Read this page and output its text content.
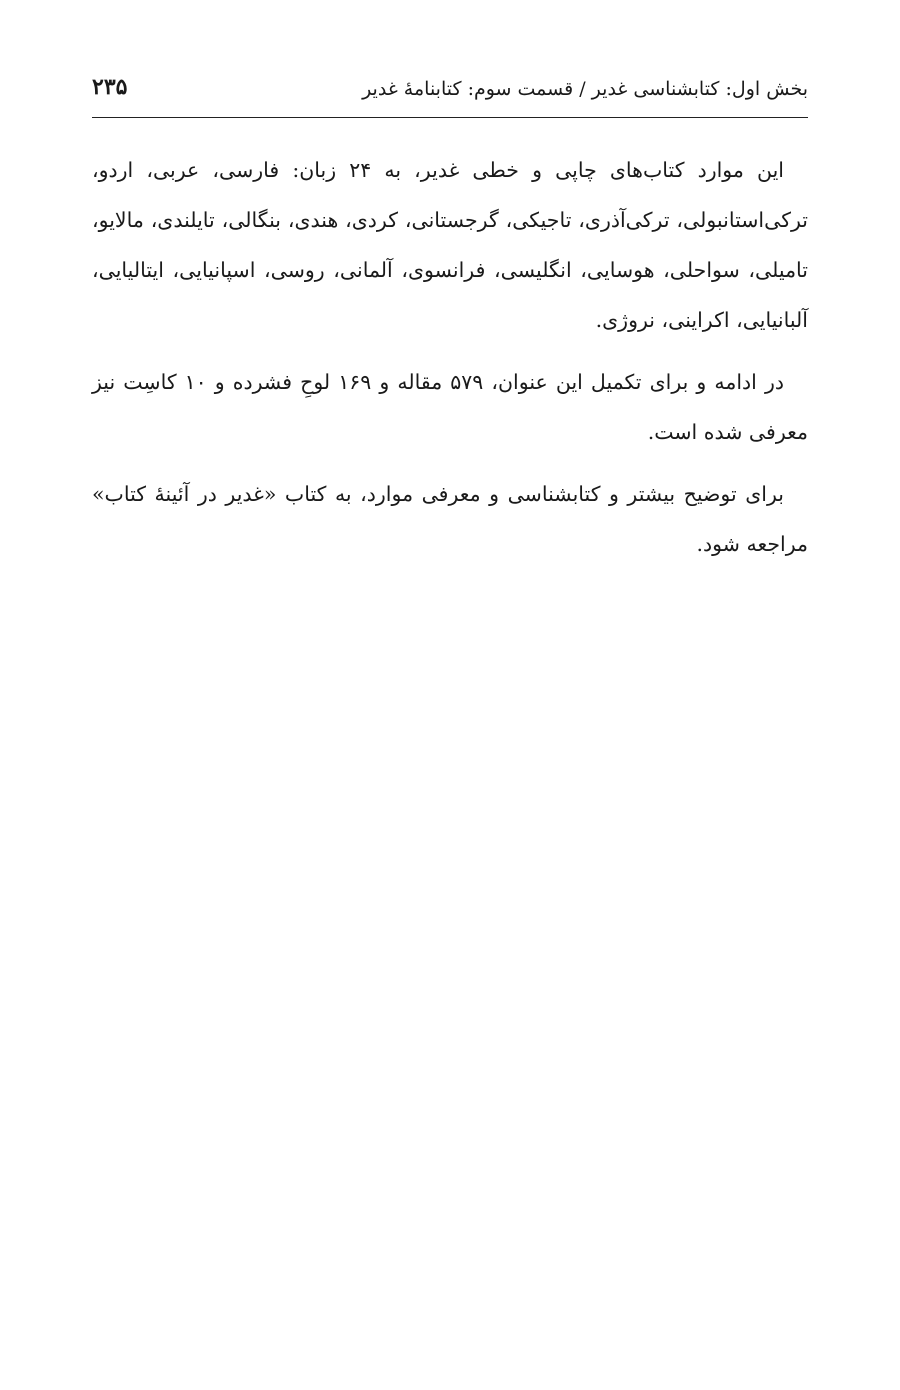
بخش اول: کتابشناسی غدیر / قسمت سوم: کتابنامهٔ غدیر
۲۳۵

این موارد کتاب‌های چاپی و خطی غدیر، به ۲۴ زبان: فارسی، عربی، اردو، ترکی‌استانبولی، ترکی‌آذری، تاجیکی، گرجستانی، کردی، هندی، بنگالی، تایلندی، مالایو، تامیلی، سواحلی، هوسایی، انگلیسی، فرانسوی، آلمانی، روسی، اسپانیایی، ایتالیایی، آلبانیایی، اکراینی، نروژی.

در ادامه و برای تکمیل این عنوان، ۵۷۹ مقاله و ۱۶۹ لوحِ فشرده و ۱۰ کاسِت نیز معرفی شده است.

برای توضیح بیشتر و کتابشناسی و معرفی موارد، به کتاب «غدیر در آئینهٔ کتاب» مراجعه شود.
